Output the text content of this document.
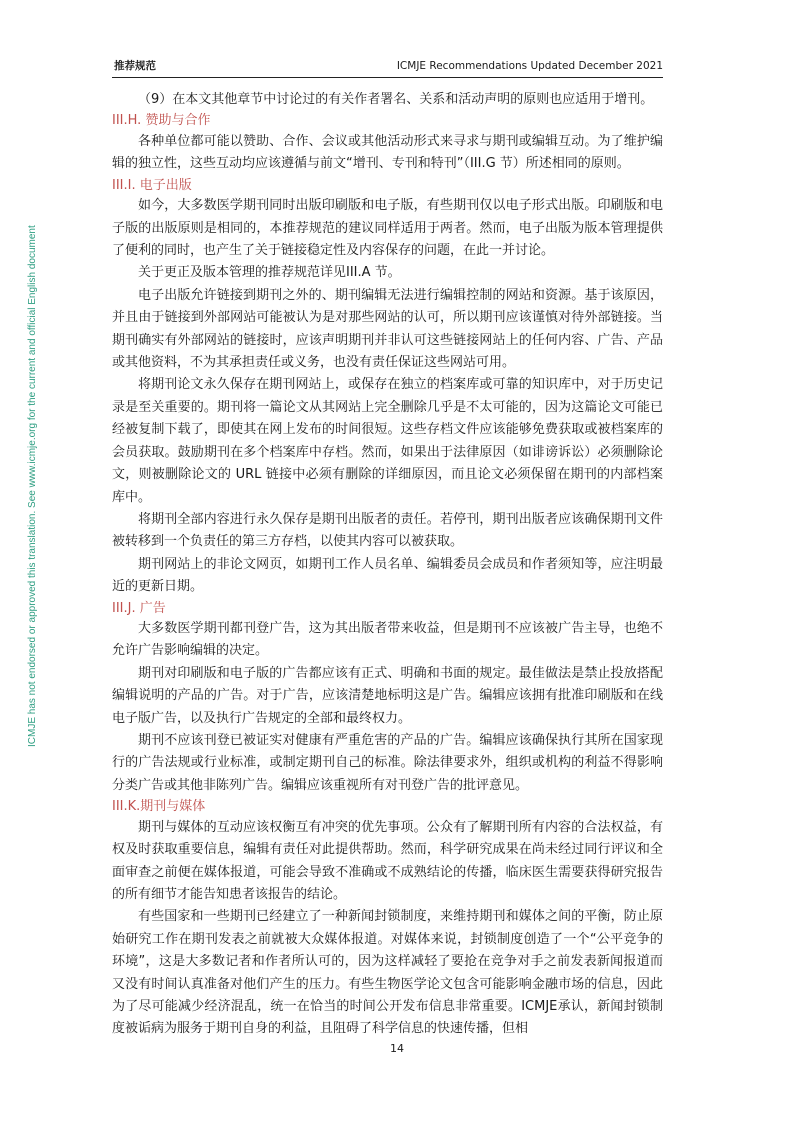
推荐规范	ICMJE Recommendations Updated December 2021
ICMJE has not endorsed or approved this translation. See www.icmje.org for the current and official English document

（9）在本文其他章节中讨论过的有关作者署名、关系和活动声明的原则也应适用于增刊。

III.H. 赞助与合作

各种单位都可能以赞助、合作、会议或其他活动形式来寻求与期刊或编辑互动。为了维护编辑的独立性，这些互动均应该遵循与前文“增刊、专刊和特刊”（III.G 节）所述相同的原则。

III.I. 电子出版

如今，大多数医学期刊同时出版印刷版和电子版，有些期刊仅以电子形式出版。印刷版和电子版的出版原则是相同的，本推荐规范的建议同样适用于两者。然而，电子出版为版本管理提供了便利的同时，也产生了关于链接稳定性及内容保存的问题，在此一并讨论。

关于更正及版本管理的推荐规范详见III.A 节。

电子出版允许链接到期刊之外的、期刊编辑无法进行编辑控制的网站和资源。基于该原因，并且由于链接到外部网站可能被认为是对那些网站的认可，所以期刊应该谨慎对待外部链接。当期刊确实有外部网站的链接时，应该声明期刊并非认可这些链接网站上的任何内容、广告、产品或其他资料，不为其承担责任或义务，也没有责任保证这些网站可用。

将期刊论文永久保存在期刊网站上，或保存在独立的档案库或可靠的知识库中，对于历史记录是至关重要的。期刊将一篇论文从其网站上完全删除几乎是不太可能的，因为这篇论文可能已经被复制下载了，即使其在网上发布的时间很短。这些存档文件应该能够免费获取或被档案库的会员获取。鼓励期刊在多个档案库中存档。然而，如果出于法律原因（如诽谤诉讼）必须删除论文，则被删除论文的 URL 链接中必须有删除的详细原因，而且论文必须保留在期刊的内部档案库中。

将期刊全部内容进行永久保存是期刊出版者的责任。若停刊，期刊出版者应该确保期刊文件被转移到一个负责任的第三方存档，以使其内容可以被获取。

期刊网站上的非论文网页，如期刊工作人员名单、编辑委员会成员和作者须知等，应注明最近的更新日期。

III.J. 广告

大多数医学期刊都刊登广告，这为其出版者带来收益，但是期刊不应该被广告主导，也绝不允许广告影响编辑的决定。

期刊对印刷版和电子版的广告都应该有正式、明确和书面的规定。最佳做法是禁止投放搭配编辑说明的产品的广告。对于广告，应该清楚地标明这是广告。编辑应该拥有批准印刷版和在线电子版广告，以及执行广告规定的全部和最终权力。

期刊不应该刊登已被证实对健康有严重危害的产品的广告。编辑应该确保执行其所在国家现行的广告法规或行业标准，或制定期刊自己的标准。除法律要求外，组织或机构的利益不得影响分类广告或其他非陈列广告。编辑应该重视所有对刊登广告的批评意见。

III.K.期刊与媒体

期刊与媒体的互动应该权衡互有冲突的优先事项。公众有了解期刊所有内容的合法权益，有权及时获取重要信息，编辑有责任对此提供帮助。然而，科学研究成果在尚未经过同行评议和全面审查之前便在媒体报道，可能会导致不准确或不成熟结论的传播，临床医生需要获得研究报告的所有细节才能告知患者该报告的结论。

有些国家和一些期刊已经建立了一种新闻封锁制度，来维持期刊和媒体之间的平衡，防止原始研究工作在期刊发表之前就被大众媒体报道。对媒体来说，封锁制度创造了一个“公平竞争的环境”，这是大多数记者和作者所认可的，因为这样减轻了要抢在竞争对手之前发表新闻报道而又没有时间认真准备对他们产生的压力。有些生物医学论文包含可能影响金融市场的信息，因此为了尽可能减少经济混乱，统一在恰当的时间公开发布信息非常重要。ICMJE承认，新闻封锁制度被诟病为服务于期刊自身的利益，且阻碍了科学信息的快速传播，但相

14
